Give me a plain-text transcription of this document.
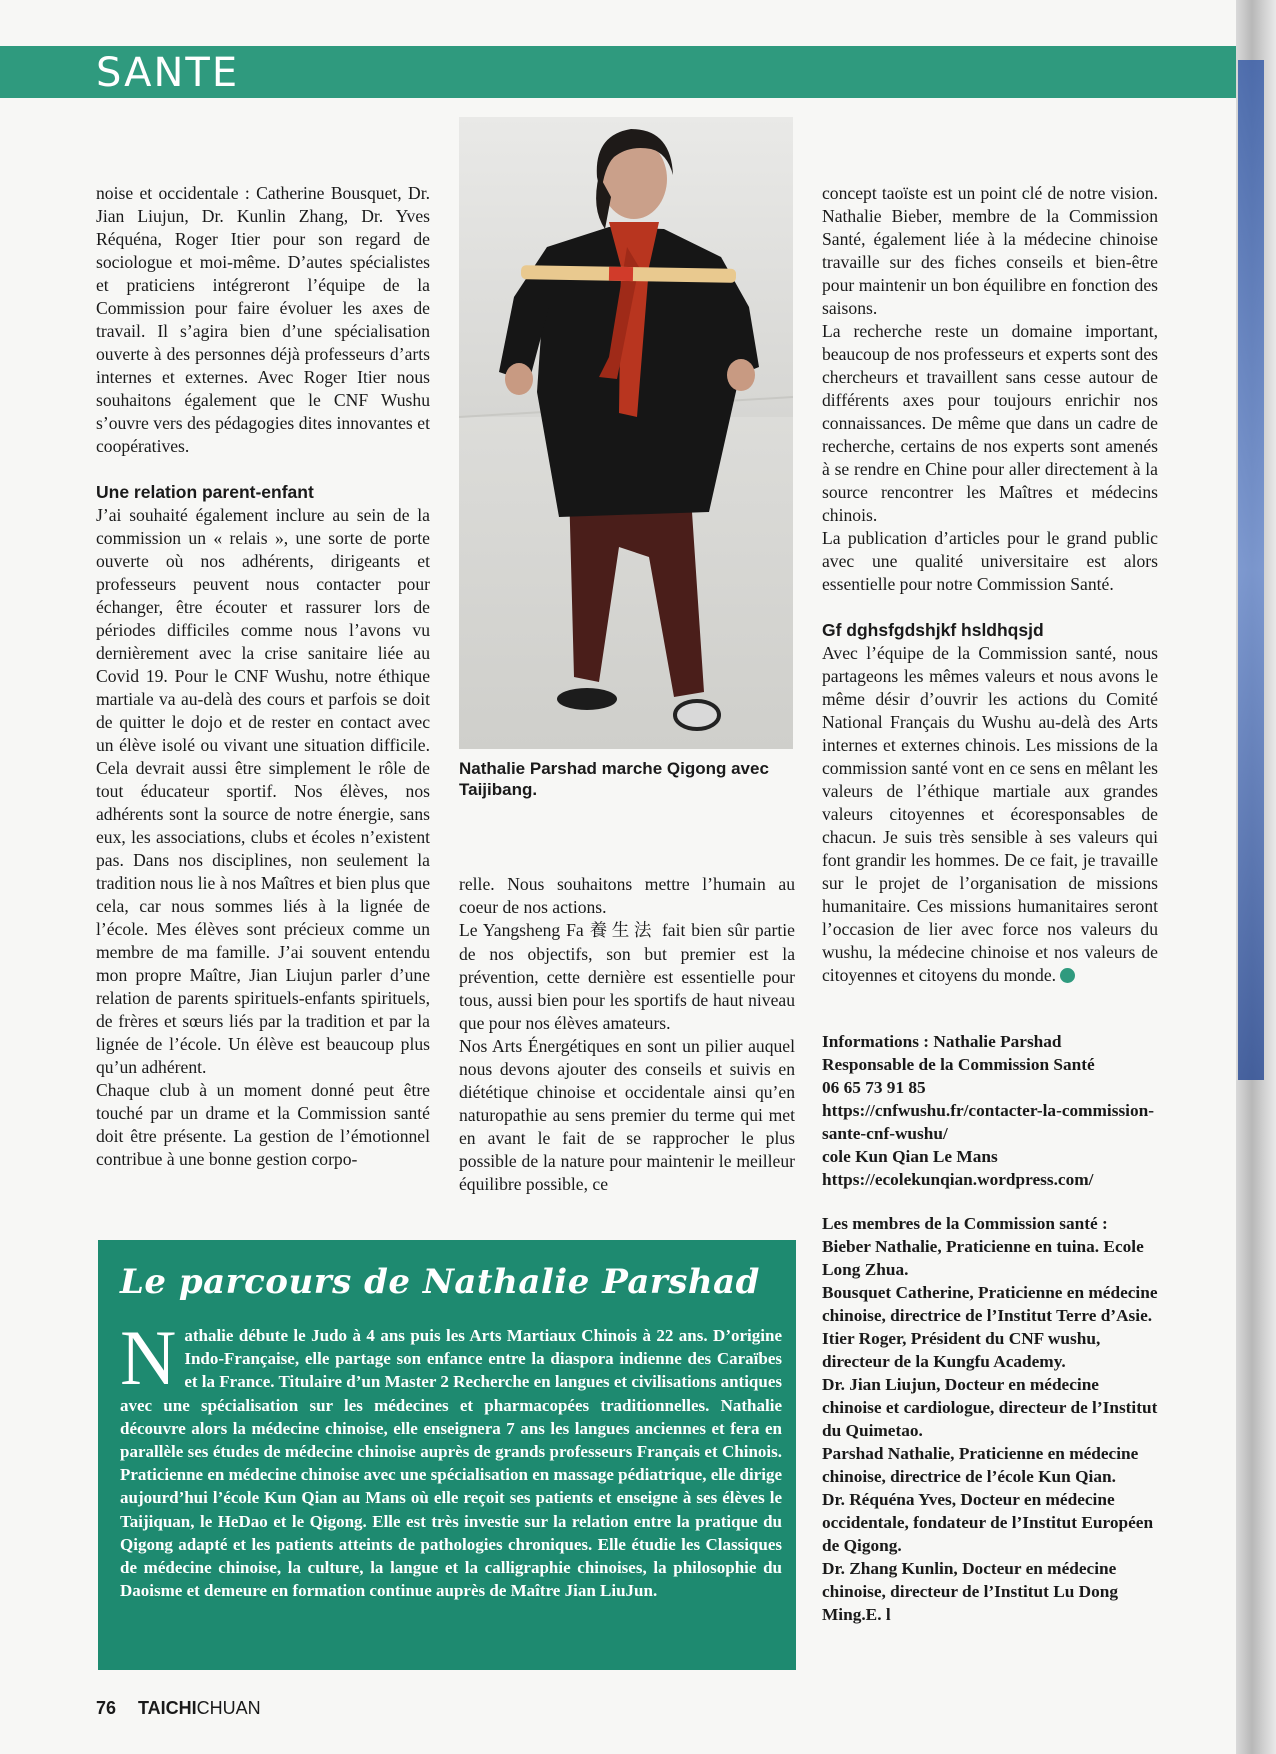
SANTE

noise et occidentale : Catherine Bousquet, Dr. Jian Liujun, Dr. Kunlin Zhang, Dr. Yves Réquéna, Roger Itier pour son regard de sociologue et moi-même. D’autes spécialistes et praticiens intégreront l’équipe de la Commission pour faire évoluer les axes de travail. Il s’agira bien d’une spécialisation ouverte à des personnes déjà professeurs d’arts internes et externes. Avec Roger Itier nous souhaitons également que le CNF Wushu s’ouvre vers des pédagogies dites innovantes et coopératives.

Une relation parent-enfant

J’ai souhaité également inclure au sein de la commission un « relais », une sorte de porte ouverte où nos adhérents, dirigeants et professeurs peuvent nous contacter pour échanger, être écouter et rassurer lors de périodes difficiles comme nous l’avons vu dernièrement avec la crise sanitaire liée au Covid 19. Pour le CNF Wushu, notre éthique martiale va au-delà des cours et parfois se doit de quitter le dojo et de rester en contact avec un élève isolé ou vivant une situation difficile. Cela devrait aussi être simplement le rôle de tout éducateur sportif. Nos élèves, nos adhérents sont la source de notre énergie, sans eux, les associations, clubs et écoles n’existent pas. Dans nos disciplines, non seulement la tradition nous lie à nos Maîtres et bien plus que cela, car nous sommes liés à la lignée de l’école. Mes élèves sont précieux comme un membre de ma famille. J’ai souvent entendu mon propre Maître, Jian Liujun parler d’une relation de parents spirituels-enfants spirituels, de frères et sœurs liés par la tradition et par la lignée de l’école. Un élève est beaucoup plus qu’un adhérent.

Chaque club à un moment donné peut être touché par un drame et la Commission santé doit être présente. La gestion de l’émotionnel contribue à une bonne gestion corpo-

Nathalie Parshad marche Qigong avec Taijibang.

relle. Nous souhaitons mettre l’humain au coeur de nos actions.

Le Yangsheng Fa 養生法 fait bien sûr partie de nos objectifs, son but premier est la prévention, cette dernière est essentielle pour tous, aussi bien pour les sportifs de haut niveau que pour nos élèves amateurs.

Nos Arts Énergétiques en sont un pilier auquel nous devons ajouter des conseils et suivis en diététique chinoise et occidentale ainsi qu’en naturopathie au sens premier du terme qui met en avant le fait de se rapprocher le plus possible de la nature pour maintenir le meilleur équilibre possible, ce

concept taoïste est un point clé de notre vision. Nathalie Bieber, membre de la Commission Santé, également liée à la médecine chinoise travaille sur des fiches conseils et bien-être pour maintenir un bon équilibre en fonction des saisons.

La recherche reste un domaine important, beaucoup de nos professeurs et experts sont des chercheurs et travaillent sans cesse autour de différents axes pour toujours enrichir nos connaissances. De même que dans un cadre de recherche, certains de nos experts sont amenés à se rendre en Chine pour aller directement à la source rencontrer les Maîtres et médecins chinois.

La publication d’articles pour le grand public avec une qualité universitaire est alors essentielle pour notre Commission Santé.

Gf dghsfgdshjkf hsldhqsjd

Avec l’équipe de la Commission santé, nous partageons les mêmes valeurs et nous avons le même désir d’ouvrir les actions du Comité National Français du Wushu au-delà des Arts internes et externes chinois. Les missions de la commission santé vont en ce sens en mêlant les valeurs de l’éthique martiale aux grandes valeurs citoyennes et écoresponsables de chacun. Je suis très sensible à ses valeurs qui font grandir les hommes. De ce fait, je travaille sur le projet de l’organisation de missions humanitaire. Ces missions humanitaires seront l’occasion de lier avec force nos valeurs du wushu, la médecine chinoise et nos valeurs de citoyennes et citoyens du monde.

Informations : Nathalie Parshad

Responsable de la Commission Santé

06 65 73 91 85

https://cnfwushu.fr/contacter-la-commission-sante-cnf-wushu/

cole Kun Qian Le Mans

https://ecolekunqian.wordpress.com/

Les membres de la Commission santé :

Bieber Nathalie, Praticienne en tuina. Ecole Long Zhua.

Bousquet Catherine, Praticienne en médecine chinoise, directrice de l’Institut Terre d’Asie.

Itier Roger, Président du CNF wushu, directeur de la Kungfu Academy.

Dr. Jian Liujun, Docteur en médecine chinoise et cardiologue, directeur de l’Institut du Quimetao.

Parshad Nathalie, Praticienne en médecine chinoise, directrice de l’école Kun Qian.

Dr. Réquéna Yves, Docteur en médecine occidentale, fondateur de l’Institut Européen de Qigong.

Dr. Zhang Kunlin, Docteur en médecine chinoise, directeur de l’Institut Lu Dong Ming.E. l

Le parcours de Nathalie Parshad
Nathalie débute le Judo à 4 ans puis les Arts Martiaux Chinois à 22 ans. D’origine Indo-Française, elle partage son enfance entre la diaspora indienne des Caraïbes et la France. Titulaire d’un Master 2 Recherche en langues et civilisations antiques avec une spécialisation sur les médecines et pharmacopées traditionnelles. Nathalie découvre alors la médecine chinoise, elle enseignera 7 ans les langues anciennes et fera en parallèle ses études de médecine chinoise auprès de grands professeurs Français et Chinois. Praticienne en médecine chinoise avec une spécialisation en massage pédiatrique, elle dirige aujourd’hui l’école Kun Qian au Mans où elle reçoit ses patients et enseigne à ses élèves le Taijiquan, le HeDao et le Qigong. Elle est très investie sur la relation entre la pratique du Qigong adapté et les patients atteints de pathologies chroniques. Elle étudie les Classiques de médecine chinoise, la culture, la langue et la calligraphie chinoises, la philosophie du Daoisme et demeure en formation continue auprès de Maître Jian LiuJun.
76 TAICHICHUAN
